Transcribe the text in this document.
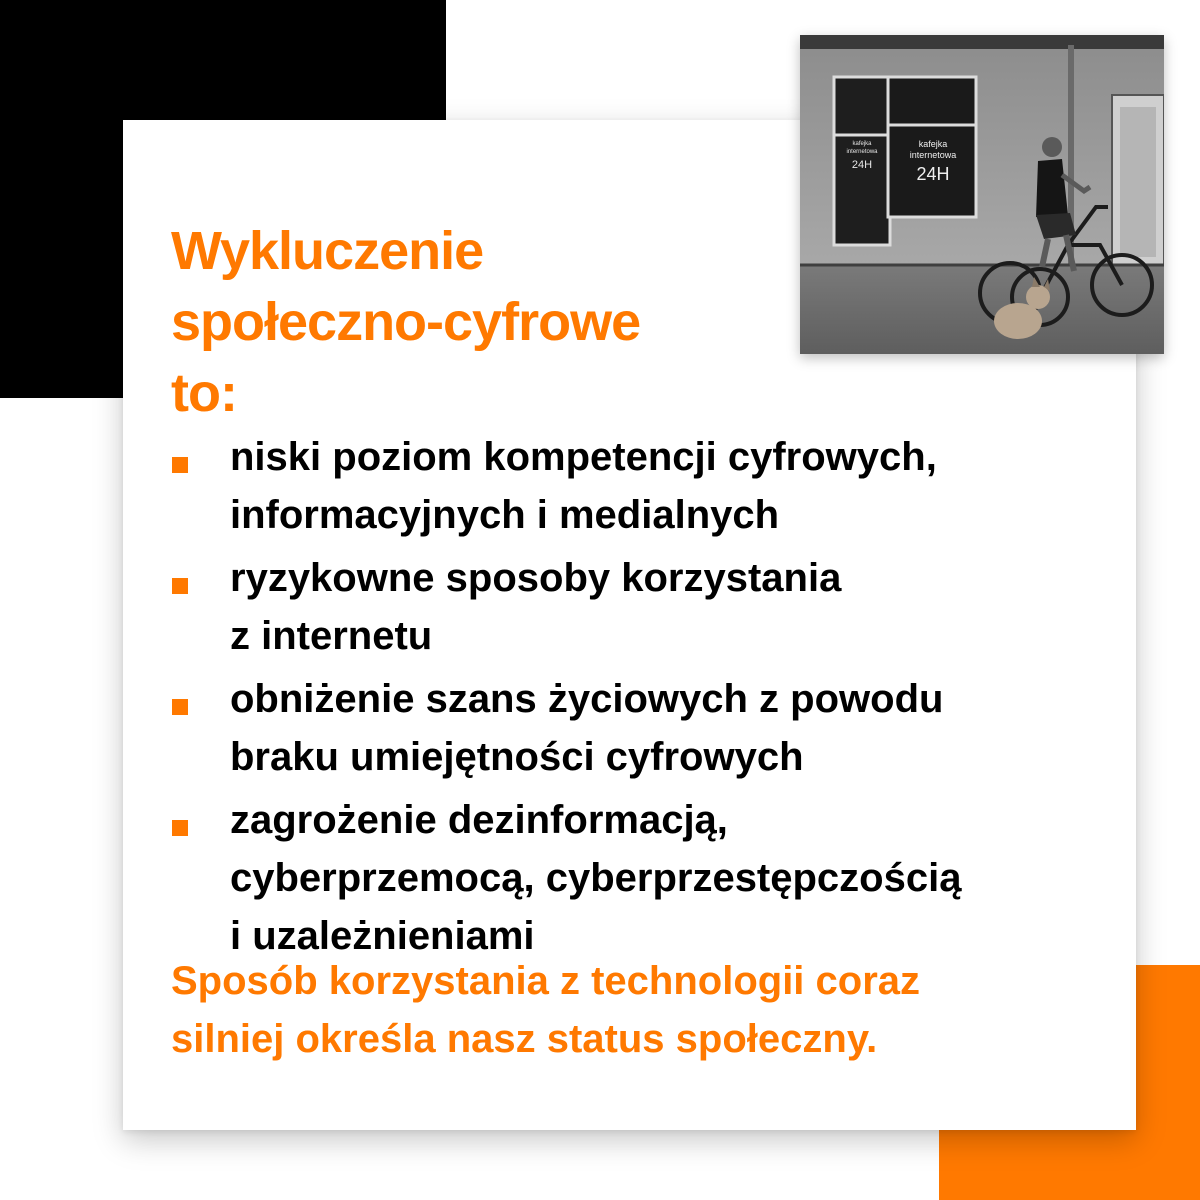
Wykluczenie
społeczno-cyfrowe
to:
niski poziom kompetencji cyfrowych,
informacyjnych i medialnych
ryzykowne sposoby korzystania
z internetu
obniżenie szans życiowych z powodu
braku umiejętności cyfrowych
zagrożenie dezinformacją,
cyberprzemocą, cyberprzestępczością
i uzależnieniami

Sposób korzystania z technologii coraz
silniej określa nasz status społeczny.

kafejka
internetowa
24H
kafejka
internetowa
24H
